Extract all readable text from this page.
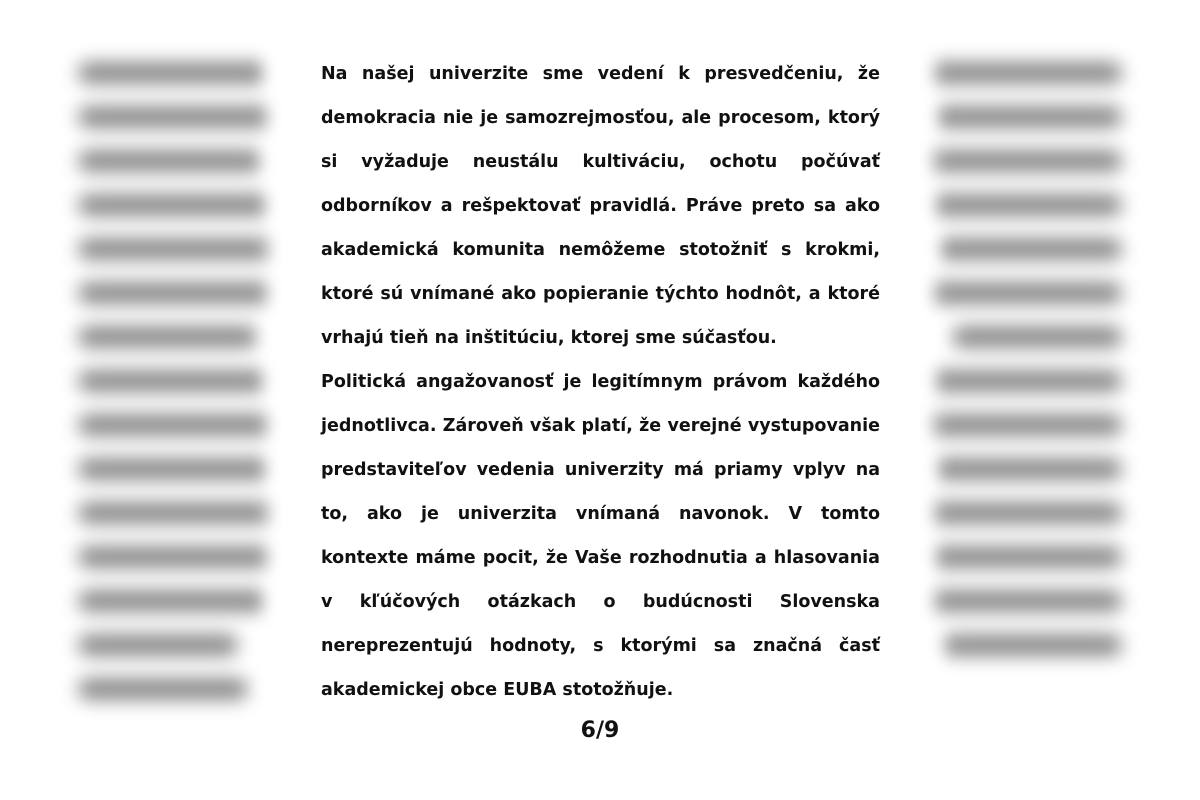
Na našej univerzite sme vedení k presvedčeniu, že demokracia nie je samozrejmosťou, ale procesom, ktorý si vyžaduje neustálu kultiváciu, ochotu počúvať odborníkov a rešpektovať pravidlá. Práve preto sa ako akademická komunita nemôžeme stotožniť s krokmi, ktoré sú vnímané ako popieranie týchto hodnôt, a ktoré vrhajú tieň na inštitúciu, ktorej sme súčasťou.

Politická angažovanosť je legitímnym právom každého jednotlivca. Zároveň však platí, že verejné vystupovanie predstaviteľov vedenia univerzity má priamy vplyv na to, ako je univerzita vnímaná navonok. V tomto kontexte máme pocit, že Vaše rozhodnutia a hlasovania v kľúčových otázkach o budúcnosti Slovenska nereprezentujú hodnoty, s ktorými sa značná časť akademickej obce EUBA stotožňuje.

6/9
